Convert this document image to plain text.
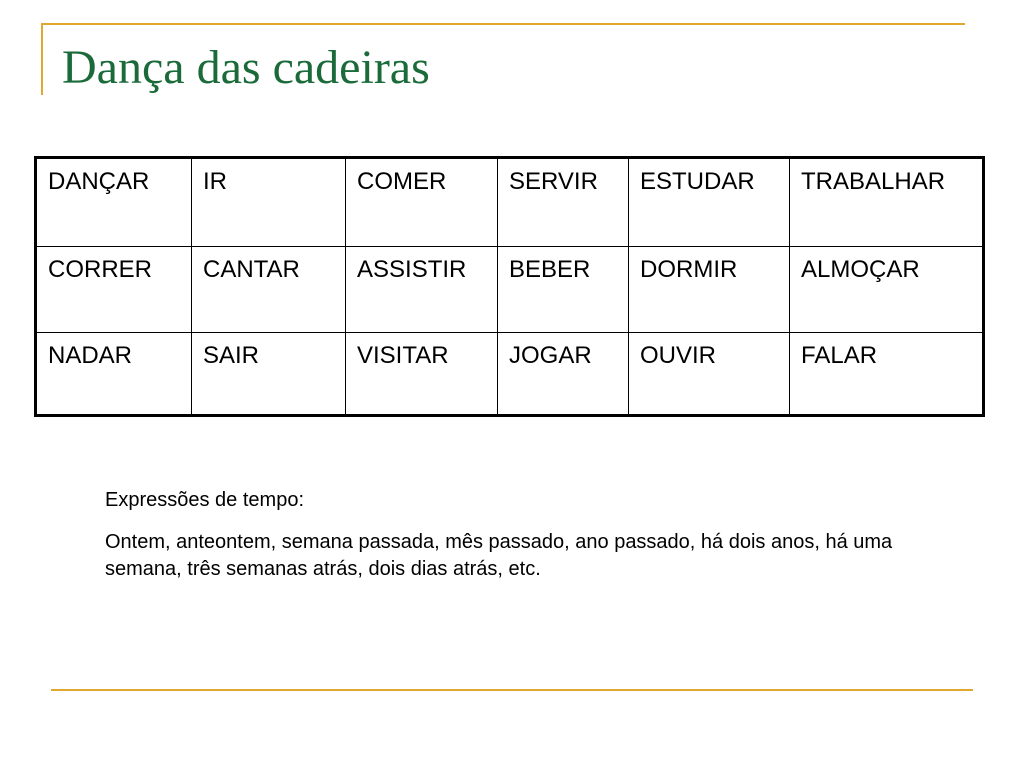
Dança das cadeiras
DANÇAR	IR	COMER	SERVIR	ESTUDAR	TRABALHAR
CORRER	CANTAR	ASSISTIR	BEBER	DORMIR	ALMOÇAR
NADAR	SAIR	VISITAR	JOGAR	OUVIR	FALAR

Expressões de tempo:

Ontem, anteontem, semana passada, mês passado, ano passado, há dois anos, há uma semana, três semanas atrás, dois dias atrás, etc.
